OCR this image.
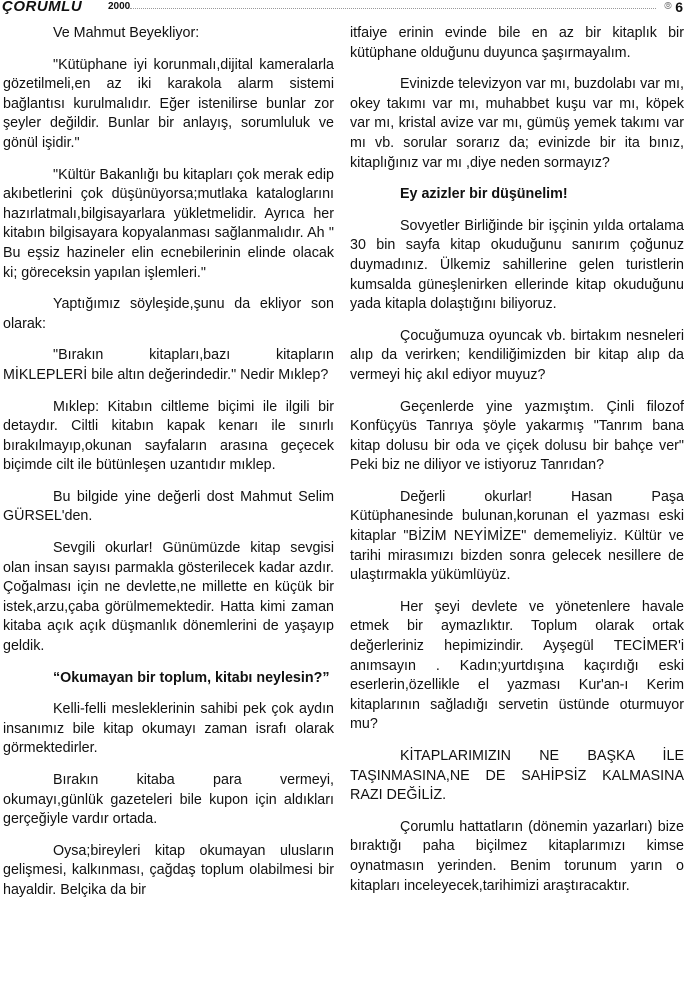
ÇORUMLU	2000	⦾ 6

Ve Mahmut Beyekliyor:

"Kütüphane iyi korunmalı,dijital kameralarla gözetilmeli,en az iki karakola alarm sistemi bağlantısı kurulmalıdır. Eğer istenilirse bunlar zor şeyler değildir. Bunlar bir anlayış, sorumluluk ve gönül işidir."

"Kültür Bakanlığı bu kitapları çok merak edip akıbetlerini çok düşünüyorsa;mutlaka kataloglarını hazırlatmalı,bilgisayarlara yükletmelidir. Ayrıca her kitabın bilgisayara kopyalanması sağlanmalıdır. Ah " Bu eşsiz hazineler elin ecnebilerinin elinde olacak ki; göreceksin yapılan işlemleri."

Yaptığımız söyleşide,şunu da ekliyor son olarak:

"Bırakın kitapları,bazı kitapların MİKLEPLERİ bile altın değerindedir." Nedir Mıklep?

Mıklep: Kitabın ciltleme biçimi ile ilgili bir detaydır. Ciltli kitabın kapak kenarı ile sınırlı bırakılmayıp,okunan sayfaların arasına geçecek biçimde cilt ile bütünleşen uzantıdır mıklep.

Bu bilgide yine değerli dost Mahmut Selim GÜRSEL'den.

Sevgili okurlar! Günümüzde kitap sevgisi olan insan sayısı parmakla gösterilecek kadar azdır. Çoğalması için ne devlette,ne millette en küçük bir istek,arzu,çaba görülmemektedir. Hatta kimi zaman kitaba açık açık düşmanlık dönemlerini de yaşayıp geldik.

“Okumayan bir toplum, kitabı neylesin?”

Kelli-felli mesleklerinin sahibi pek çok aydın insanımız bile kitap okumayı zaman israfı olarak görmektedirler.

Bırakın kitaba para vermeyi, okumayı,günlük gazeteleri bile kupon için aldıkları gerçeğiyle vardır ortada.

Oysa;bireyleri kitap okumayan ulusların gelişmesi, kalkınması, çağdaş toplum olabilmesi bir hayaldir. Belçika da bir

itfaiye erinin evinde bile en az bir kitaplık bir kütüphane olduğunu duyunca şaşırmayalım.

Evinizde televizyon var mı, buzdolabı var mı, okey takımı var mı, muhabbet kuşu var mı, köpek var mı, kristal avize var mı, gümüş yemek takımı var mı vb. sorular sorarız da; evinizde bir ita bınız, kitaplığınız var mı ,diye neden sormayız?

Ey azizler bir düşünelim!

Sovyetler Birliğinde bir işçinin yılda ortalama 30 bin sayfa kitap okuduğunu sanırım çoğunuz duymadınız. Ülkemiz sahillerine gelen turistlerin kumsalda güneşlenirken ellerinde kitap okuduğunu yada kitapla dolaştığını biliyoruz.

Çocuğumuza oyuncak vb. birtakım nesneleri alıp da verirken; kendiliğimizden bir kitap alıp da vermeyi hiç akıl ediyor muyuz?

Geçenlerde yine yazmıştım. Çinli filozof Konfüçyüs Tanrıya şöyle yakarmış "Tanrım bana kitap dolusu bir oda ve çiçek dolusu bir bahçe ver" Peki biz ne diliyor ve istiyoruz Tanrıdan?

Değerli okurlar! Hasan Paşa Kütüphanesinde bulunan,korunan el yazması eski kitaplar "BİZİM NEYİMİZE" dememeliyiz. Kültür ve tarihi mirasımızı bizden sonra gelecek nesillere de ulaştırmakla yükümlüyüz.

Her şeyi devlete ve yönetenlere havale etmek bir aymazlıktır. Toplum olarak ortak değerleriniz hepimizindir. Ayşegül TECİMER'i anımsayın . Kadın;yurtdışına kaçırdığı eski eserlerin,özellikle el yazması Kur'an-ı Kerim kitaplarının sağladığı servetin üstünde oturmuyor mu?

KİTAPLARIMIZIN NE BAŞKA İLE TAŞINMASINA,NE DE SAHİPSİZ KALMASINA RAZI DEĞİLİZ.

Çorumlu hattatların (dönemin yazarları) bize bıraktığı paha biçilmez kitaplarımızı kimse oynatmasın yerinden. Benim torunum yarın o kitapları inceleyecek,tarihimizi araştıracaktır.
